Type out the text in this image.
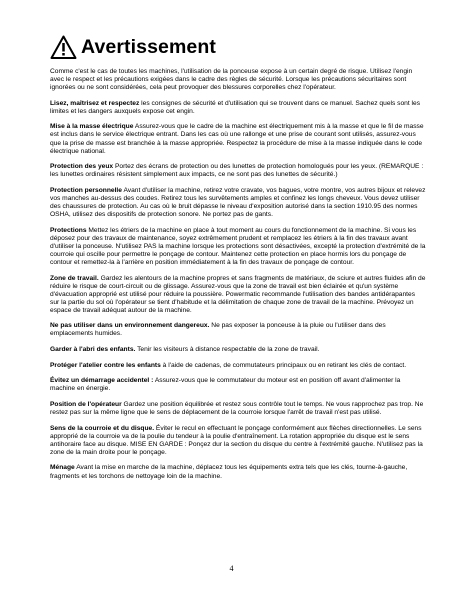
Avertissement

Comme c'est le cas de toutes les machines, l'utilisation de la ponceuse expose à un certain degré de risque. Utilisez l'engin avec le respect et les précautions exigées dans le cadre des règles de sécurité. Lorsque les précautions sécuritaires sont ignorées ou ne sont considérées, cela peut provoquer des blessures corporelles chez l'opérateur.

Lisez, maîtrisez et respectez les consignes de sécurité et d'utilisation qui se trouvent dans ce manuel. Sachez quels sont les limites et les dangers auxquels expose cet engin.

Mise à la masse électrique Assurez-vous que le cadre de la machine est électriquement mis à la masse et que le fil de masse est inclus dans le service électrique entrant. Dans les cas où une rallonge et une prise de courant sont utilisés, assurez-vous que la prise de masse est branchée à la masse appropriée. Respectez la procédure de mise à la masse indiquée dans le code électrique national.

Protection des yeux Portez des écrans de protection ou des lunettes de protection homologués pour les yeux. (REMARQUE : les lunettes ordinaires résistent simplement aux impacts, ce ne sont pas des lunettes de sécurité.)

Protection personnelle Avant d'utiliser la machine, retirez votre cravate, vos bagues, votre montre, vos autres bijoux et relevez vos manches au-dessus des coudes. Retirez tous les survêtements amples et confinez les longs cheveux. Vous devez utiliser des chaussures de protection. Au cas où le bruit dépasse le niveau d'exposition autorisé dans la section 1910.95 des normes OSHA, utilisez des dispositifs de protection sonore. Ne portez pas de gants.

Protections Mettez les étriers de la machine en place à tout moment au cours du fonctionnement de la machine. Si vous les déposez pour des travaux de maintenance, soyez extrêmement prudent et remplacez les étriers à la fin des travaux avant d'utiliser la ponceuse. N'utilisez PAS la machine lorsque les protections sont désactivées, excepté la protection d'extrémité de la courroie qui oscille pour permettre le ponçage de contour. Maintenez cette protection en place hormis lors du ponçage de contour et remettez-la à l'arrière en position immédiatement à la fin des travaux de ponçage de contour.

Zone de travail. Gardez les alentours de la machine propres et sans fragments de matériaux, de sciure et autres fluides afin de réduire le risque de court-circuit ou de glissage. Assurez-vous que la zone de travail est bien éclairée et qu'un système d'évacuation approprié est utilisé pour réduire la poussière. Powermatic recommande l'utilisation des bandes antidérapantes sur la partie du sol où l'opérateur se tient d'habitude et la délimitation de chaque zone de travail de la machine. Prévoyez un espace de travail adéquat autour de la machine.

Ne pas utiliser dans un environnement dangereux. Ne pas exposer la ponceuse à la pluie ou l'utiliser dans des emplacements humides.

Garder à l'abri des enfants. Tenir les visiteurs à distance respectable de la zone de travail.

Protéger l'atelier contre les enfants à l'aide de cadenas, de commutateurs principaux ou en retirant les clés de contact.

Évitez un démarrage accidentel : Assurez-vous que le commutateur du moteur est en position off avant d'alimenter la machine en énergie.

Position de l'opérateur Gardez une position équilibrée et restez sous contrôle tout le temps. Ne vous rapprochez pas trop. Ne restez pas sur la même ligne que le sens de déplacement de la courroie lorsque l'arrêt de travail n'est pas utilisé.

Sens de la courroie et du disque. Éviter le recul en effectuant le ponçage conformément aux flèches directionnelles. Le sens approprié de la courroie va de la poulie du tendeur à la poulie d'entraînement. La rotation appropriée du disque est le sens antihoraire face au disque. MISE EN GARDE : Ponçez dur la section du disque du centre à l'extrémité gauche. N'utilisez pas la zone de la main droite pour le ponçage.

Ménage Avant la mise en marche de la machine, déplacez tous les équipements extra tels que les clés, tourne-à-gauche, fragments et les torchons de nettoyage loin de la machine.

4
